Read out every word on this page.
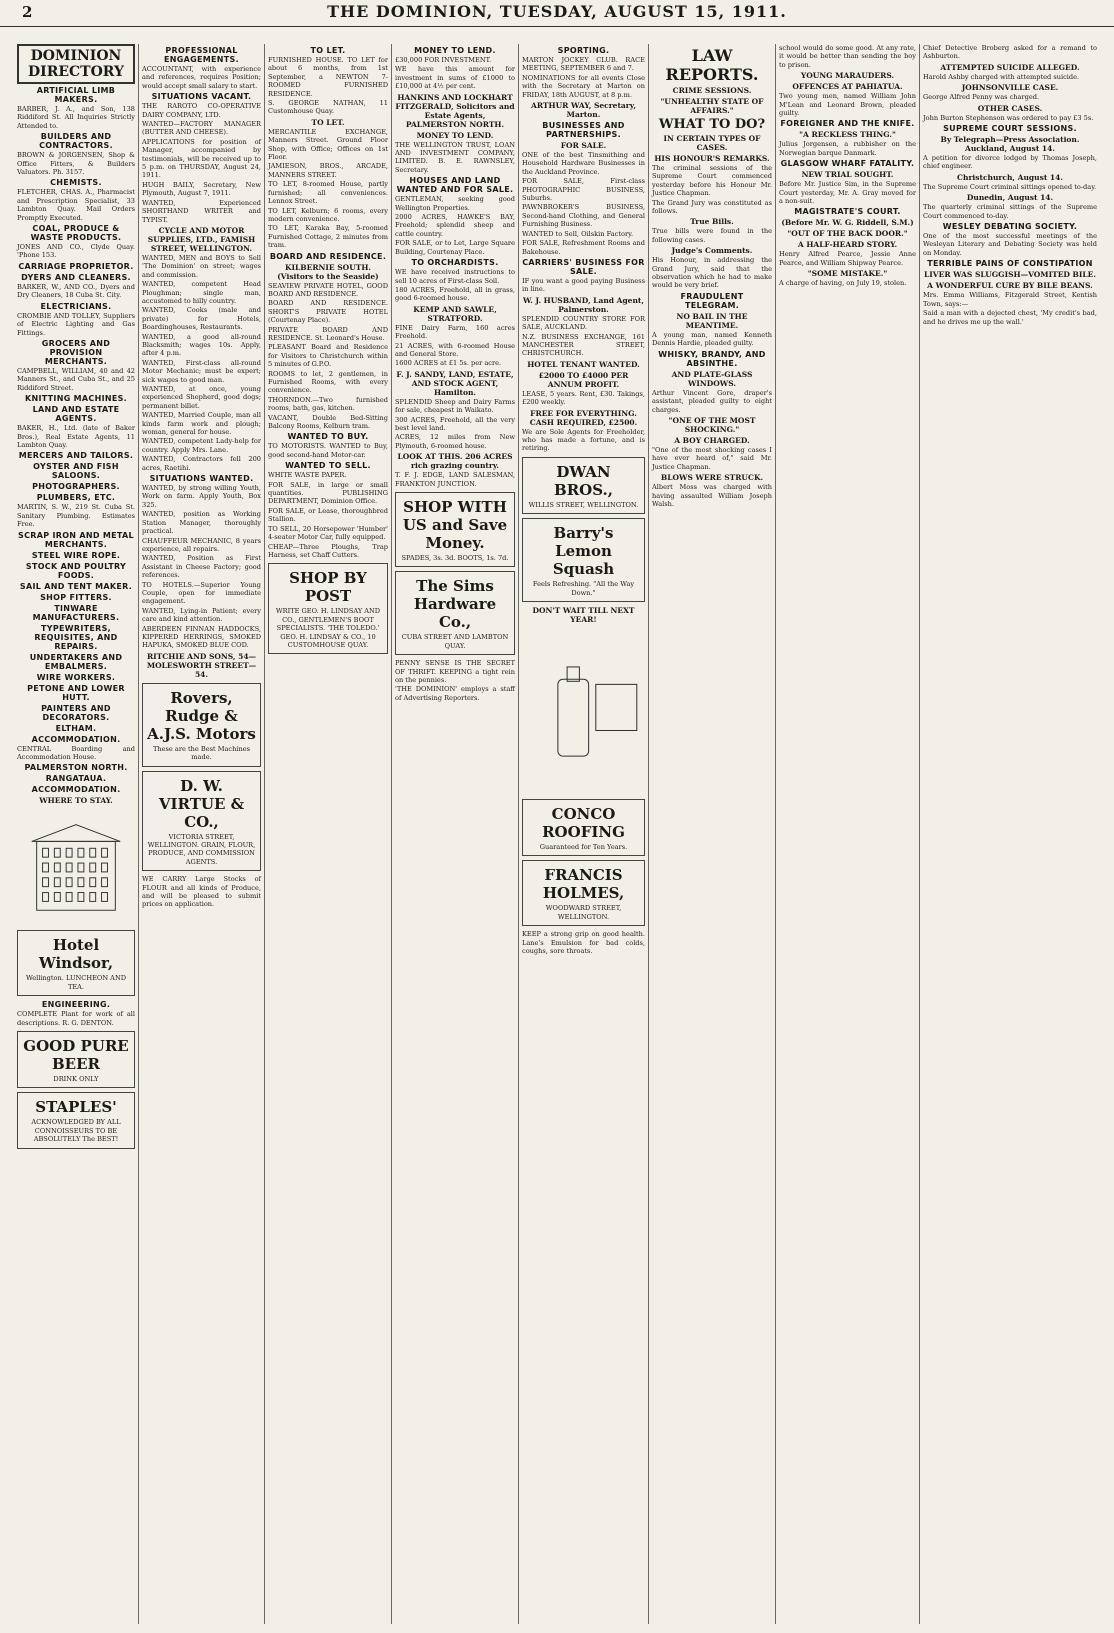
2	THE DOMINION, TUESDAY, AUGUST 15, 1911.
DOMINION DIRECTORY
ARTIFICIAL LIMB MAKERS.
BARBER, J. A., and Son, 138 Riddiford St. All Inquiries Strictly Attended to.
BUILDERS AND CONTRACTORS.
BROWN & JORGENSEN, Shop & Office Fitters, & Builders Valuators. Ph. 3157.
CHEMISTS.
FLETCHER, CHAS. A., Pharmacist and Prescription Specialist, 33 Lambton Quay. Mail Orders Promptly Executed.
COAL, PRODUCE & WASTE PRODUCTS.
JONES AND CO., Clyde Quay. 'Phone 153.
CARRIAGE PROPRIETOR.
DYERS AND CLEANERS.
BARKER, W., AND CO., Dyers and Dry Cleaners, 18 Cuba St. City.
ELECTRICIANS.
CROMBIE AND TOLLEY, Suppliers of Electric Lighting and Gas Fittings.
GROCERS AND PROVISION MERCHANTS.
CAMPBELL, WILLIAM, 40 and 42 Manners St., and Cuba St., and 25 Riddiford Street.
KNITTING MACHINES.
LAND AND ESTATE AGENTS.
BAKER, H., Ltd. (late of Baker Bros.), Real Estate Agents, 11 Lambton Quay.
MERCERS AND TAILORS.
OYSTER AND FISH SALOONS.
PHOTOGRAPHERS.
PLUMBERS, ETC.
MARTIN, S. W., 219 St. Cuba St. Sanitary Plumbing. Estimates Free.
SCRAP IRON AND METAL MERCHANTS.
STEEL WIRE ROPE.
STOCK AND POULTRY FOODS.
SAIL AND TENT MAKER.
SHOP FITTERS.
TINWARE MANUFACTURERS.
TYPEWRITERS, REQUISITES, AND REPAIRS.
UNDERTAKERS AND EMBALMERS.
WIRE WORKERS.
PETONE AND LOWER HUTT.
PAINTERS AND DECORATORS.
ELTHAM.
ACCOMMODATION.
CENTRAL Boarding and Accommodation House.
PALMERSTON NORTH.
RANGATAUA.
ACCOMMODATION.
WHERE TO STAY.
Hotel Windsor,
Wellington. LUNCHEON AND TEA.
ENGINEERING.
COMPLETE Plant for work of all descriptions. R. G. DENTON.
GOOD PURE BEER
DRINK ONLY
STAPLES'
ACKNOWLEDGED BY ALL CONNOISSEURS TO BE ABSOLUTELY The BEST!
PROFESSIONAL ENGAGEMENTS.
ACCOUNTANT, with experience and references, requires Position; would accept small salary to start.
SITUATIONS VACANT.
THE RAROTO CO-OPERATIVE DAIRY COMPANY, LTD.
WANTED—FACTORY MANAGER (BUTTER AND CHEESE).
APPLICATIONS for position of Manager, accompanied by testimonials, will be received up to 5 p.m. on THURSDAY, August 24, 1911.
HUGH BAILY, Secretary, New Plymouth, August 7, 1911.
WANTED, Experienced SHORTHAND WRITER and TYPIST.
CYCLE AND MOTOR SUPPLIES, LTD., FAMISH STREET, WELLINGTON.
WANTED, MEN and BOYS to Sell 'The Dominion' on street; wages and commission.
WANTED, competent Head Ploughman; single man, accustomed to hilly country.
WANTED, Cooks (male and private) for Hotels, Boardinghouses, Restaurants.
WANTED, a good all-round Blacksmith; wages 10s. Apply, after 4 p.m.
WANTED, First-class all-round Motor Mechanic; must be expert; sick wages to good man.
WANTED, at once, young experienced Shepherd, good dogs; permanent billet.
WANTED, Married Couple, man all kinds farm work and plough; woman, general for house.
WANTED, competent Lady-help for country. Apply Mrs. Lane.
WANTED, Contractors fell 200 acres, Raetihi.
SITUATIONS WANTED.
WANTED, by strong willing Youth, Work on farm. Apply Youth, Box 325.
WANTED, position as Working Station Manager, thoroughly practical.
CHAUFFEUR MECHANIC, 8 years experience, all repairs.
WANTED, Position as First Assistant in Cheese Factory; good references.
TO HOTELS.—Superior Young Couple, open for immediate engagement.
WANTED, Lying-in Patient; every care and kind attention.
ABERDEEN FINNAN HADDOCKS, KIPPERED HERRINGS, SMOKED HAPUKA, SMOKED BLUE COD.
RITCHIE AND SONS, 54—MOLESWORTH STREET—54.
Rovers, Rudge & A.J.S. Motors
These are the Best Machines made.
D. W. VIRTUE & CO.,
VICTORIA STREET, WELLINGTON. GRAIN, FLOUR, PRODUCE, AND COMMISSION AGENTS.
WE CARRY Large Stocks of FLOUR and all kinds of Produce, and will be pleased to submit prices on application.
TO LET.
FURNISHED HOUSE. TO LET for about 6 months, from 1st September, a NEWTON 7-ROOMED FURNISHED RESIDENCE.
S. GEORGE NATHAN, 11 Customhouse Quay.
TO LET.
MERCANTILE EXCHANGE, Manners Street. Ground Floor Shop, with Office; Offices on 1st Floor.
JAMIESON, BROS., ARCADE, MANNERS STREET.
TO LET, 8-roomed House, partly furnished; all conveniences. Lennox Street.
TO LET, Kelburn; 6 rooms, every modern convenience.
TO LET, Karaka Bay, 5-roomed Furnished Cottage, 2 minutes from tram.
BOARD AND RESIDENCE.
KILBERNIE SOUTH. (Visitors to the Seaside)
SEAVIEW PRIVATE HOTEL, GOOD BOARD AND RESIDENCE.
BOARD AND RESIDENCE. SHORT'S PRIVATE HOTEL (Courtenay Place).
PRIVATE BOARD AND RESIDENCE. St. Leonard's House.
PLEASANT Board and Residence for Visitors to Christchurch within 5 minutes of G.P.O.
ROOMS to let, 2 gentlemen, in Furnished Rooms, with every convenience.
THORNDON.—Two furnished rooms, bath, gas, kitchen.
VACANT, Double Bed-Sitting Balcony Rooms, Kelburn tram.
WANTED TO BUY.
TO MOTORISTS. WANTED to Buy, good second-hand Motor-car.
WANTED TO SELL.
WHITE WASTE PAPER.
FOR SALE, in large or small quantities. PUBLISHING DEPARTMENT, Dominion Office.
FOR SALE, or Lease, thoroughbred Stallion.
TO SELL, 20 Horsepower 'Humber' 4-seater Motor Car, fully equipped.
CHEAP—Three Ploughs, Trap Harness, set Chaff Cutters.
SHOP BY POST
WRITE GEO. H. LINDSAY AND CO., GENTLEMEN'S BOOT SPECIALISTS. 'THE TOLEDO.' GEO. H. LINDSAY & CO., 10 CUSTOMHOUSE QUAY.
MONEY TO LEND.
£30,000 FOR INVESTMENT.
WE have this amount for investment in sums of £1000 to £10,000 at 4½ per cent.
HANKINS AND LOCKHART FITZGERALD, Solicitors and Estate Agents, PALMERSTON NORTH.
MONEY TO LEND.
THE WELLINGTON TRUST, LOAN AND INVESTMENT COMPANY, LIMITED. B. E. RAWNSLEY, Secretary.
HOUSES AND LAND WANTED AND FOR SALE.
GENTLEMAN, seeking good Wellington Properties.
2000 ACRES, HAWKE'S BAY, Freehold; splendid sheep and cattle country.
FOR SALE, or to Let, Large Square Building, Courtenay Place.
TO ORCHARDISTS.
WE have received instructions to sell 10 acres of First-class Soil.
180 ACRES, Freehold, all in grass, good 6-roomed house.
KEMP AND SAWLE, STRATFORD.
FINE Dairy Farm, 160 acres Freehold.
21 ACRES, with 6-roomed House and General Store.
1600 ACRES at £1 5s. per acre.
F. J. SANDY, LAND, ESTATE, AND STOCK AGENT, Hamilton.
SPLENDID Sheep and Dairy Farms for sale, cheapest in Waikato.
300 ACRES, Freehold, all the very best level land.
ACRES, 12 miles from New Plymouth, 6-roomed house.
LOOK AT THIS. 206 ACRES rich grazing country.
T. F. J. EDGE, LAND SALESMAN, FRANKTON JUNCTION.
SHOP WITH US and Save Money.
SPADES, 3s. 3d. BOOTS, 1s. 7d.
The Sims Hardware Co.,
CUBA STREET AND LAMBTON QUAY.
PENNY SENSE IS THE SECRET OF THRIFT. KEEPING a tight rein on the pennies.
'THE DOMINION' employs a staff of Advertising Reporters.
SPORTING.
MARTON JOCKEY CLUB. RACE MEETING, SEPTEMBER 6 and 7.
NOMINATIONS for all events Close with the Secretary at Marton on FRIDAY, 18th AUGUST, at 8 p.m.
ARTHUR WAY, Secretary, Marton.
BUSINESSES AND PARTNERSHIPS.
FOR SALE.
ONE of the best Tinsmithing and Household Hardware Businesses in the Auckland Province.
FOR SALE, First-class PHOTOGRAPHIC BUSINESS, Suburbs.
PAWNBROKER'S BUSINESS, Second-hand Clothing, and General Furnishing Business.
WANTED to Sell, Oilskin Factory.
FOR SALE, Refreshment Rooms and Bakehouse.
CARRIERS' BUSINESS FOR SALE.
IF you want a good paying Business in line.
W. J. HUSBAND, Land Agent, Palmerston.
SPLENDID COUNTRY STORE FOR SALE, AUCKLAND.
N.Z. BUSINESS EXCHANGE, 161 MANCHESTER STREET, CHRISTCHURCH.
HOTEL TENANT WANTED.
£2000 TO £4000 PER ANNUM PROFIT.
LEASE, 5 years. Rent, £30. Takings, £200 weekly.
FREE FOR EVERYTHING. CASH REQUIRED, £2500.
We are Sole Agents for Freeholder, who has made a fortune, and is retiring.
DWAN BROS.,
WILLIS STREET, WELLINGTON.
Barry's Lemon Squash
Feels Refreshing. "All the Way Down."
DON'T WAIT TILL NEXT YEAR!
CONCO ROOFING
Guaranteed for Ten Years.
FRANCIS HOLMES,
WOODWARD STREET, WELLINGTON.
KEEP a strong grip on good health. Lane's Emulsion for bad colds, coughs, sore throats.
LAW REPORTS.
CRIME SESSIONS.
"UNHEALTHY STATE OF AFFAIRS."
WHAT TO DO?
IN CERTAIN TYPES OF CASES.
HIS HONOUR'S REMARKS.
The criminal sessions of the Supreme Court commenced yesterday before his Honour Mr. Justice Chapman.
The Grand Jury was constituted as follows.
True Bills.
True bills were found in the following cases.
Judge's Comments.
His Honour, in addressing the Grand Jury, said that the observation which he had to make would be very brief.
FRAUDULENT TELEGRAM.
NO BAIL IN THE MEANTIME.
A young man, named Kenneth Dennis Hardie, pleaded guilty.
WHISKY, BRANDY, AND ABSINTHE.
AND PLATE-GLASS WINDOWS.
Arthur Vincent Gore, draper's assistant, pleaded guilty to eight charges.
"ONE OF THE MOST SHOCKING."
A BOY CHARGED.
"One of the most shocking cases I have ever heard of," said Mr. Justice Chapman.
BLOWS WERE STRUCK.
Albert Moss was charged with having assaulted William Joseph Walsh.
school would do some good. At any rate, it would be better than sending the boy to prison.
YOUNG MARAUDERS.
OFFENCES AT PAHIATUA.
Two young men, named William John M'Lean and Leonard Brown, pleaded guilty.
FOREIGNER AND THE KNIFE.
"A RECKLESS THING."
Julius Jorgensen, a rubbisher on the Norwegian barque Danmark.
GLASGOW WHARF FATALITY.
NEW TRIAL SOUGHT.
Before Mr. Justice Sim, in the Supreme Court yesterday, Mr. A. Gray moved for a non-suit.
MAGISTRATE'S COURT.
(Before Mr. W. G. Riddell, S.M.)
"OUT OF THE BACK DOOR."
A HALF-HEARD STORY.
Henry Alfred Pearce, Jessie Anne Pearce, and William Shipway Pearce.
"SOME MISTAKE."
A charge of having, on July 19, stolen.
Chief Detective Broberg asked for a remand to Ashburton.
ATTEMPTED SUICIDE ALLEGED.
Harold Ashby charged with attempted suicide.
JOHNSONVILLE CASE.
George Alfred Penny was charged.
OTHER CASES.
John Burton Stephenson was ordered to pay £3 5s.
SUPREME COURT SESSIONS.
By Telegraph—Press Association. Auckland, August 14.
A petition for divorce lodged by Thomas Joseph, chief engineer.
Christchurch, August 14.
The Supreme Court criminal sittings opened to-day.
Dunedin, August 14.
The quarterly criminal sittings of the Supreme Court commenced to-day.
WESLEY DEBATING SOCIETY.
One of the most successful meetings of the Wesleyan Literary and Debating Society was held on Monday.
TERRIBLE PAINS OF CONSTIPATION
LIVER WAS SLUGGISH—VOMITED BILE.
A WONDERFUL CURE BY BILE BEANS.
Mrs. Emma Williams, Fitzgerald Street, Kentish Town, says:—
Said a man with a dejected chest, 'My credit's bad, and he drives me up the wall.'
